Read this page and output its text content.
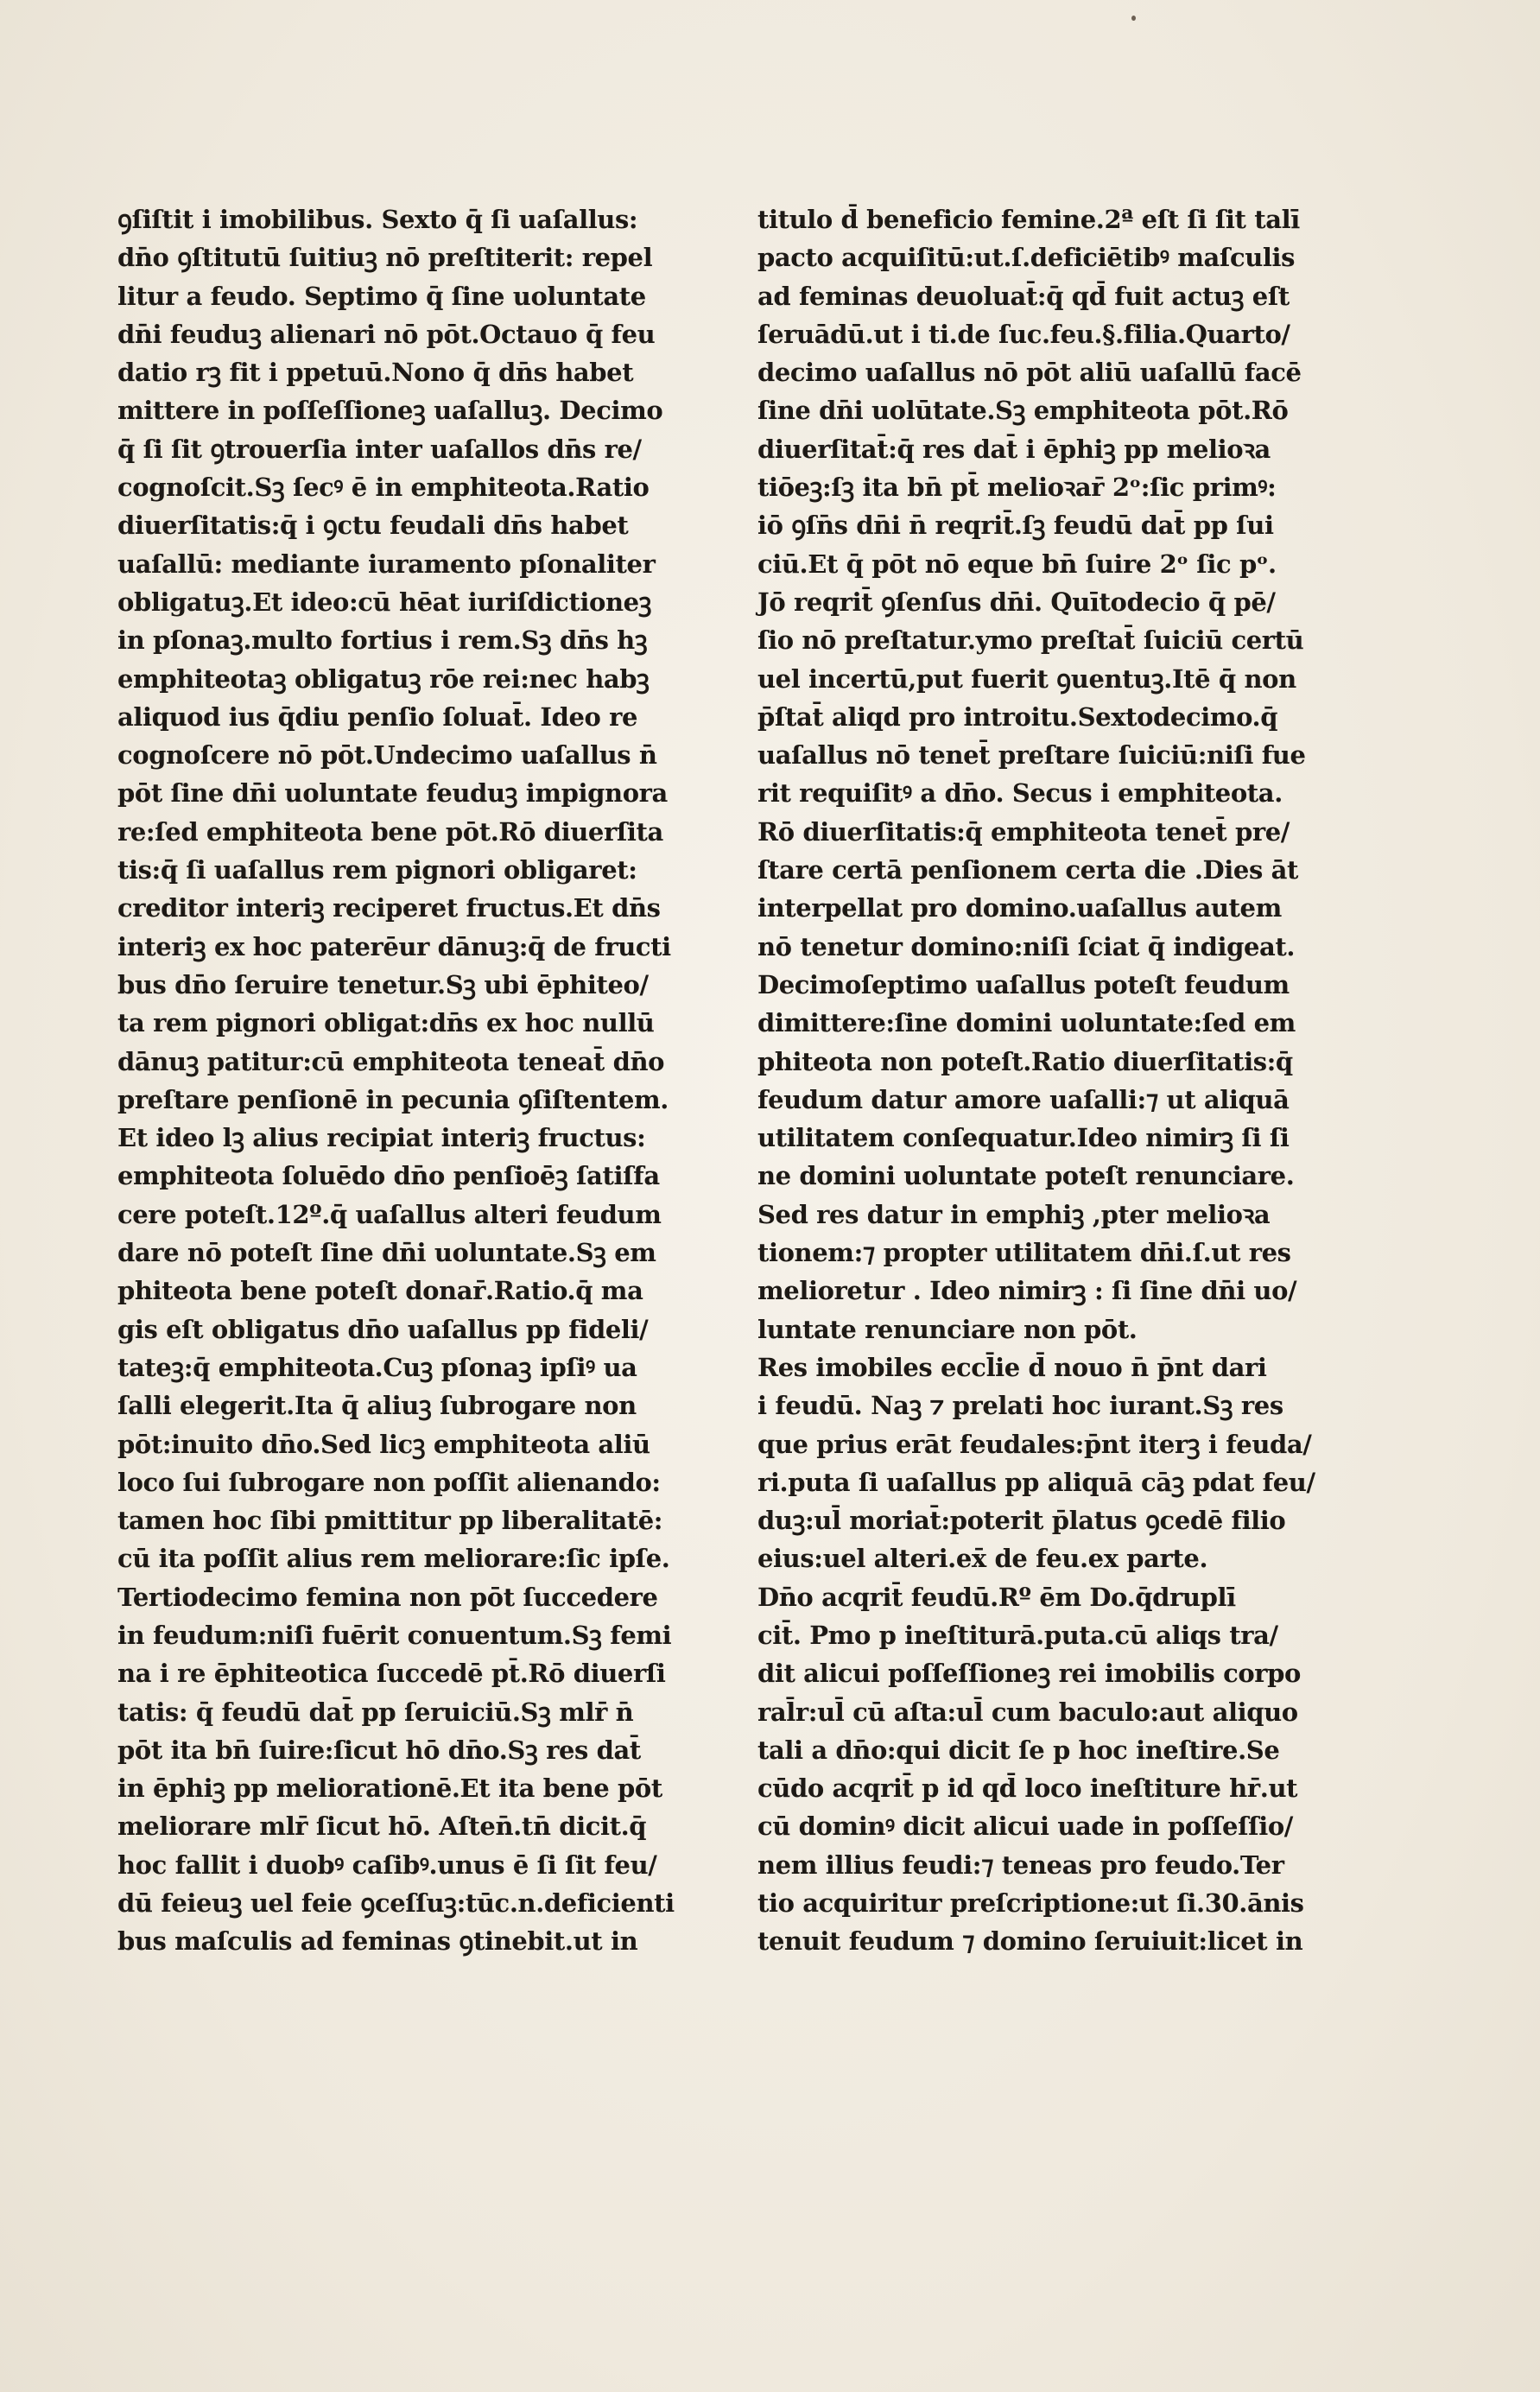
ꝯſiſtit i imobilibus. Sexto q̄ ſi uaſallus:
dn̄o ꝯſtitutū ſuitiuꝫ nō preſtiterit: repel
litur a feudo. Septimo q̄ ſine uoluntate
dn̄i feuduꝫ alienari nō pōt.Octauo q̄ feu
datio rꝫ fit i ppetuū.Nono q̄ dn̄s habet
mittere in poſſeſſioneꝫ uaſalluꝫ. Decimo
q̄ ſi ſit ꝯtrouerſia inter uaſallos dn̄s re/
cognoſcit.Sꝫ ſecꝰ ē in emphiteota.Ratio
diuerſitatis:q̄ i ꝯctu feudali dn̄s habet
uaſallū: mediante iuramento pſonaliter
obligatuꝫ.Et ideo:cū hēat iuriſdictioneꝫ
in pſonaꝫ.multo fortius i rem.Sꝫ dn̄s hꝫ
emphiteotaꝫ obligatuꝫ rōe rei:nec habꝫ
aliquod ius q̄diu penſio ſoluat̄. Ideo re
cognoſcere nō pōt.Undecimo uaſallus n̄
pōt ſine dn̄i uoluntate feuduꝫ impignora
re:ſed emphiteota bene pōt.Rō diuerſita
tis:q̄ ſi uaſallus rem pignori obligaret:
creditor interiꝫ reciperet fructus.Et dn̄s
interiꝫ ex hoc paterēur dānuꝫ:q̄ de fructi
bus dn̄o ſeruire tenetur.Sꝫ ubi ēphiteo/
ta rem pignori obligat:dn̄s ex hoc nullū
dānuꝫ patitur:cū emphiteota teneat̄ dn̄o
preſtare penſionē in pecunia ꝯſiſtentem.
Et ideo lꝫ alius recipiat interiꝫ fructus:
emphiteota ſoluēdo dn̄o penſioēꝫ ſatiſfa
cere poteſt.12º.q̄ uaſallus alteri feudum
dare nō poteſt ſine dn̄i uoluntate.Sꝫ em
phiteota bene poteſt donar̄.Ratio.q̄ ma
gis eſt obligatus dn̄o uaſallus pp fideli/
tateꝫ:q̄ emphiteota.Cuꝫ pſonaꝫ ipſiꝰ ua
ſalli elegerit.Ita q̄ aliuꝫ ſubrogare non
pōt:inuito dn̄o.Sed licꝫ emphiteota aliū
loco ſui ſubrogare non poſſit alienando:
tamen hoc ſibi pmittitur pp liberalitatē:
cū ita poſſit alius rem meliorare:ſic ipſe.
Tertiodecimo femina non pōt ſuccedere
in feudum:niſi fuērit conuentum.Sꝫ femi
na i re ēphiteotica ſuccedē pt̄.Rō diuerſi
tatis: q̄ feudū dat̄ pp ſeruiciū.Sꝫ mlr̄ n̄
pōt ita bn̄ ſuire:ſicut hō dn̄o.Sꝫ res dat̄
in ēphiꝫ pp meliorationē.Et ita bene pōt
meliorare mlr̄ ſicut hō. Aſten̄.tn̄ dicit.q̄
hoc fallit i duobꝰ caſibꝰ.unus ē ſi ſit feu/
dū feieuꝫ uel feie ꝯceſſuꝫ:tūc.n.deficienti
bus maſculis ad feminas ꝯtinebit.ut in
titulo d̄ beneficio femine.2ª eſt ſi ſit talī
pacto acquiſitū:ut.ſ.deficiētibꝰ maſculis
ad feminas deuoluat̄:q̄ qd̄ fuit actuꝫ eſt
ſeruādū.ut i ti.de ſuc.feu.§.filia.Quarto/
decimo uaſallus nō pōt aliū uaſallū facē
ſine dn̄i uolūtate.Sꝫ emphiteota pōt.Rō
diuerſitat̄:q̄ res dat̄ i ēphiꝫ pp melioꝛa
tiōeꝫ:ſꝫ ita bn̄ pt̄ melioꝛar̄ 2ᵒ:ſic primꝰ:
iō ꝯſn̄s dn̄i n̄ reqrit̄.ſꝫ feudū dat̄ pp ſui
ciū.Et q̄ pōt nō eque bn̄ ſuire 2ᵒ ſic pᵒ.
Jō reqrit̄ ꝯſenſus dn̄i. Quītodecio q̄ pē/
ſio nō preſtatur.ymo preſtat̄ ſuiciū certū
uel incertū,put fuerit ꝯuentuꝫ.Itē q̄ non
p̄ſtat̄ aliqd pro introitu.Sextodecimo.q̄
uaſallus nō tenet̄ preſtare ſuiciū:niſi fue
rit requiſitꝰ a dn̄o. Secus i emphiteota.
Rō diuerſitatis:q̄ emphiteota tenet̄ pre/
ſtare certā penſionem certa die .Dies āt
interpellat pro domino.uaſallus autem
nō tenetur domino:niſi ſciat q̄ indigeat.
Decimoſeptimo uaſallus poteſt feudum
dimittere:ſine domini uoluntate:ſed em
phiteota non poteſt.Ratio diuerſitatis:q̄
feudum datur amore uaſalli:⁊ ut aliquā
utilitatem conſequatur.Ideo nimirꝫ ſi ſi
ne domini uoluntate poteſt renunciare.
Sed res datur in emphiꝫ ,pter melioꝛa
tionem:⁊ propter utilitatem dn̄i.ſ.ut res
melioretur . Ideo nimirꝫ : ſi ſine dn̄i uo/
luntate renunciare non pōt.
Res imobiles eccl̄ie d̄ nouo n̄ p̄nt dari
i feudū. Naꝫ ⁊ prelati hoc iurant.Sꝫ res
que prius erāt feudales:p̄nt iterꝫ i feuda/
ri.puta ſi uaſallus pp aliquā cāꝫ pdat feu/
duꝫ:ul̄ moriat̄:poterit p̄latus ꝯcedē filio
eius:uel alteri.ex̄ de feu.ex parte.
Dn̄o acqrit̄ feudū.Rº ēm Do.q̄druplī
cit̄. Pmo p ineſtiturā.puta.cū aliqs tra/
dit alicui poſſeſſioneꝫ rei imobilis corpo
ral̄r:ul̄ cū aſta:ul̄ cum baculo:aut aliquo
tali a dn̄o:qui dicit ſe p hoc ineſtire.Se
cūdo acqrit̄ p id qd̄ loco ineſtiture hr̄.ut
cū dominꝰ dicit alicui uade in poſſeſſio/
nem illius feudi:⁊ teneas pro feudo.Ter
tio acquiritur preſcriptione:ut ſi.30.ānis
tenuit feudum ⁊ domino ſeruiuit:licet in
